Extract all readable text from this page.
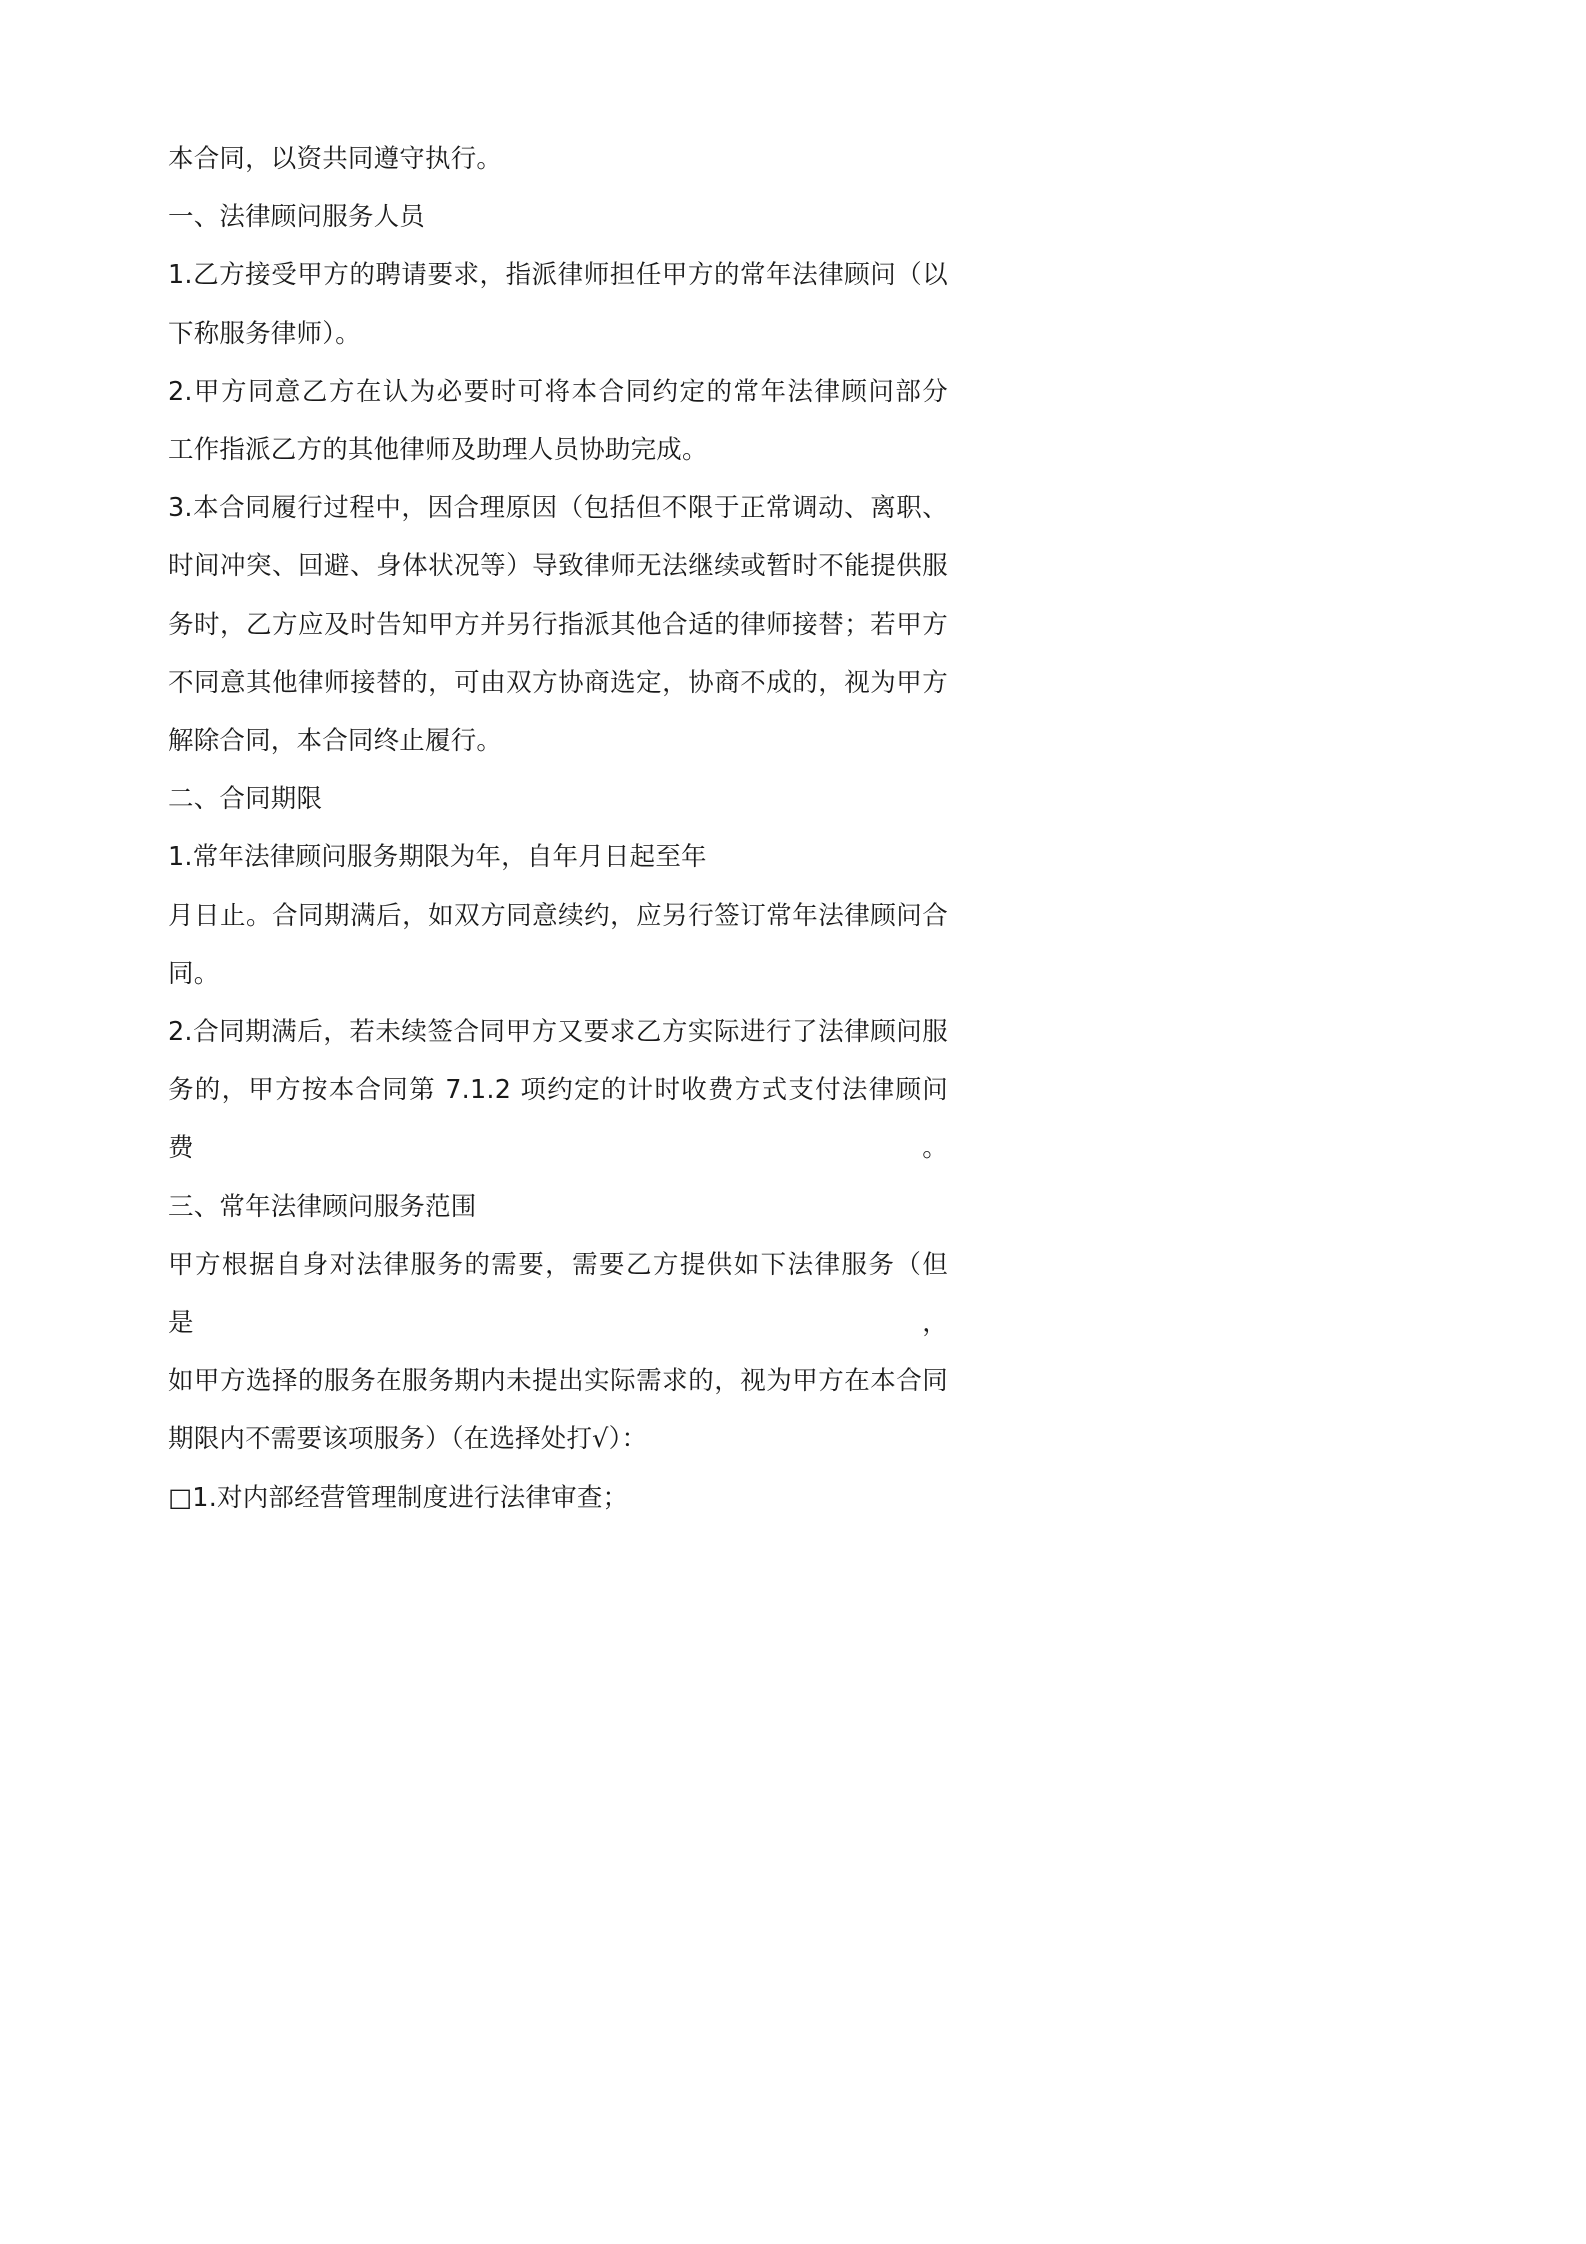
本合同，以资共同遵守执行。
一、法律顾问服务人员
1.乙方接受甲方的聘请要求，指派律师担任甲方的常年法律顾问（以
下称服务律师）。
2.甲方同意乙方在认为必要时可将本合同约定的常年法律顾问部分
工作指派乙方的其他律师及助理人员协助完成。
3.本合同履行过程中，因合理原因（包括但不限于正常调动、离职、
时间冲突、回避、身体状况等）导致律师无法继续或暂时不能提供服
务时，乙方应及时告知甲方并另行指派其他合适的律师接替；若甲方
不同意其他律师接替的，可由双方协商选定，协商不成的，视为甲方
解除合同，本合同终止履行。
二、合同期限
1.常年法律顾问服务期限为年，自年月日起至年
月日止。合同期满后，如双方同意续约，应另行签订常年法律顾问合
同。
2.合同期满后，若未续签合同甲方又要求乙方实际进行了法律顾问服
务的，甲方按本合同第 7.1.2 项约定的计时收费方式支付法律顾问费。
三、常年法律顾问服务范围
甲方根据自身对法律服务的需要，需要乙方提供如下法律服务（但是，
如甲方选择的服务在服务期内未提出实际需求的，视为甲方在本合同
期限内不需要该项服务）（在选择处打√）：
□1.对内部经营管理制度进行法律审查；
